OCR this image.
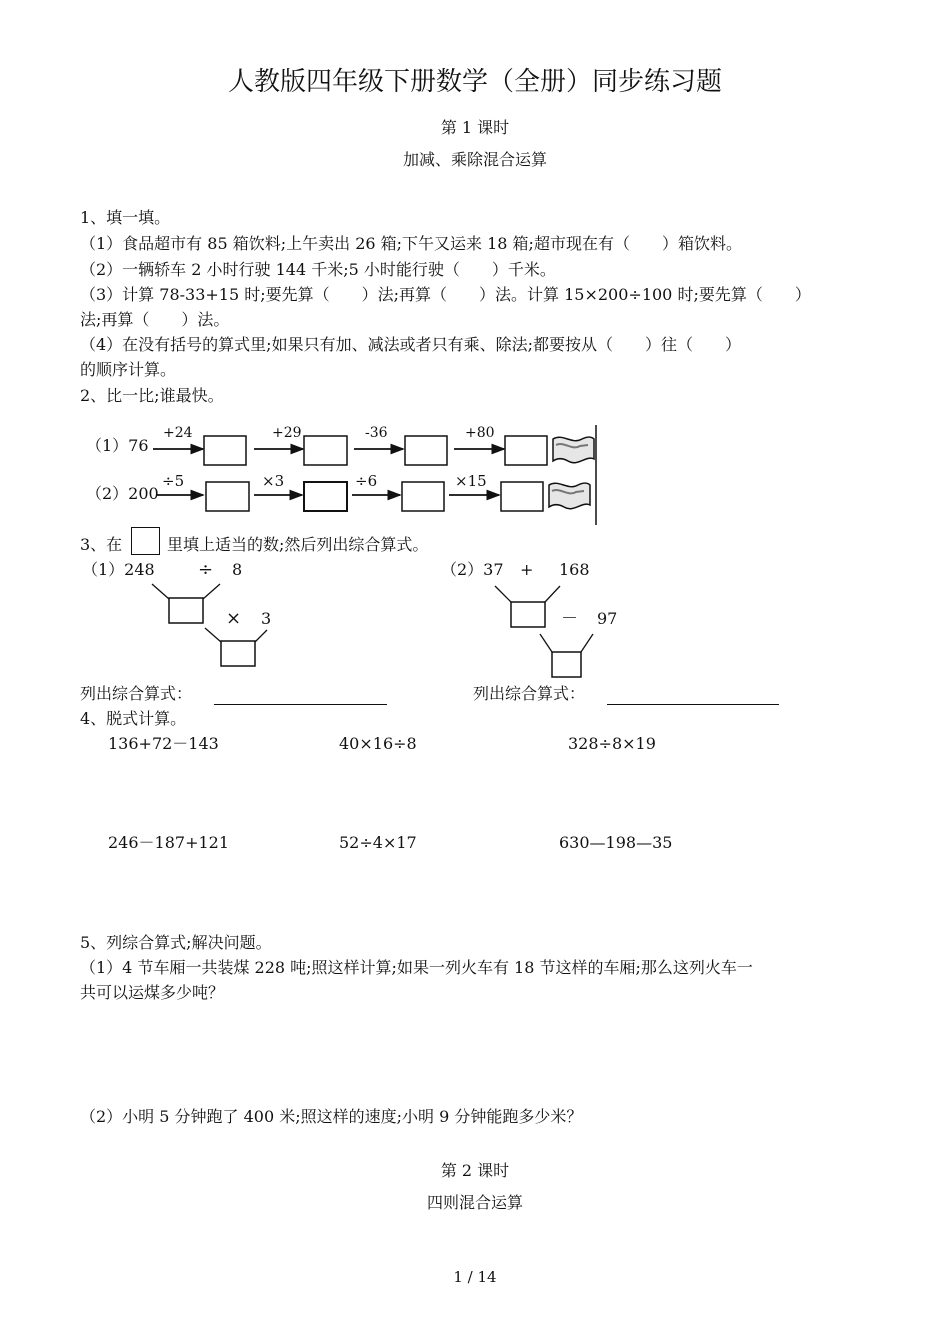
人教版四年级下册数学（全册）同步练习题
第 1 课时
加减、乘除混合运算
1、填一填。
（1）食品超市有 85 箱饮料;上午卖出 26 箱;下午又运来 18 箱;超市现在有（　　）箱饮料。
（2）一辆轿车 2 小时行驶 144 千米;5 小时能行驶（　　）千米。
（3）计算 78-33+15 时;要先算（　　）法;再算（　　）法。计算 15×200÷100 时;要先算（　　）
法;再算（　　）法。
（4）在没有括号的算式里;如果只有加、减法或者只有乘、除法;都要按从（　　）往（　　）
的顺序计算。
2、比一比;谁最快。
（1）76
+24	+29	-36	+80
（2）200
÷5	×3	÷6	×15
3、在	里填上适当的数;然后列出综合算式。
（1）248 ÷ 8
× 3
（2）37 + 168
－ 97
列出综合算式：	列出综合算式：
4、脱式计算。
136+72－143	40×16÷8	328÷8×19
246－187+121	52÷4×17	630—198—35
5、列综合算式;解决问题。
（1）4 节车厢一共装煤 228 吨;照这样计算;如果一列火车有 18 节这样的车厢;那么这列火车一
共可以运煤多少吨？
（2）小明 5 分钟跑了 400 米;照这样的速度;小明 9 分钟能跑多少米？
第 2 课时
四则混合运算
1 / 14
